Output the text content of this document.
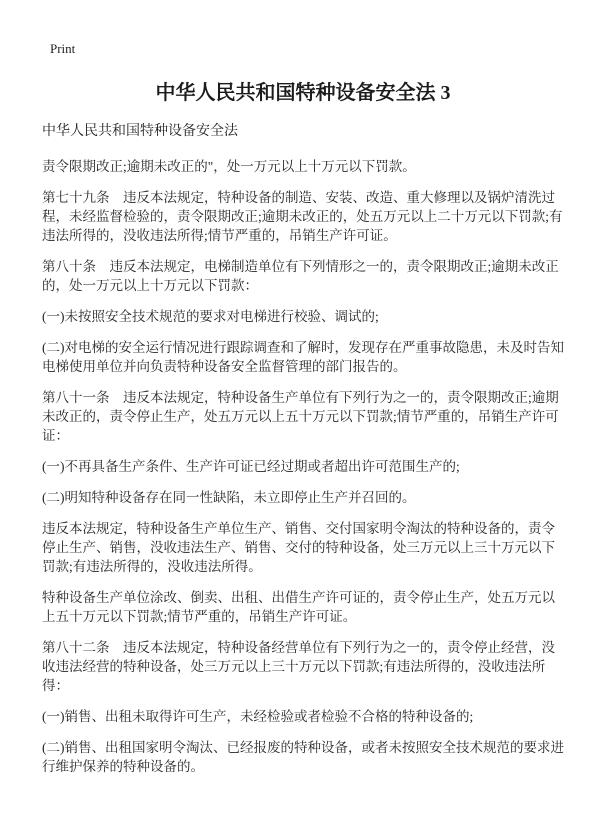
Print
中华人民共和国特种设备安全法 3
中华人民共和国特种设备安全法

责令限期改正;逾期未改正的"，处一万元以上十万元以下罚款。

第七十九条　违反本法规定，特种设备的制造、安装、改造、重大修理以及锅炉清洗过程，未经监督检验的，责令限期改正;逾期未改正的，处五万元以上二十万元以下罚款;有违法所得的，没收违法所得;情节严重的，吊销生产许可证。

第八十条　违反本法规定，电梯制造单位有下列情形之一的，责令限期改正;逾期未改正的，处一万元以上十万元以下罚款：

(一)未按照安全技术规范的要求对电梯进行校验、调试的;

(二)对电梯的安全运行情况进行跟踪调查和了解时，发现存在严重事故隐患，未及时告知电梯使用单位并向负责特种设备安全监督管理的部门报告的。

第八十一条　违反本法规定，特种设备生产单位有下列行为之一的，责令限期改正;逾期未改正的，责令停止生产，处五万元以上五十万元以下罚款;情节严重的，吊销生产许可证：

(一)不再具备生产条件、生产许可证已经过期或者超出许可范围生产的;

(二)明知特种设备存在同一性缺陷，未立即停止生产并召回的。

违反本法规定，特种设备生产单位生产、销售、交付国家明令淘汰的特种设备的，责令停止生产、销售，没收违法生产、销售、交付的特种设备，处三万元以上三十万元以下罚款;有违法所得的，没收违法所得。

特种设备生产单位涂改、倒卖、出租、出借生产许可证的，责令停止生产，处五万元以上五十万元以下罚款;情节严重的，吊销生产许可证。

第八十二条　违反本法规定，特种设备经营单位有下列行为之一的，责令停止经营，没收违法经营的特种设备，处三万元以上三十万元以下罚款;有违法所得的，没收违法所得：

(一)销售、出租未取得许可生产，未经检验或者检验不合格的特种设备的;

(二)销售、出租国家明令淘汰、已经报废的特种设备，或者未按照安全技术规范的要求进行维护保养的特种设备的。
